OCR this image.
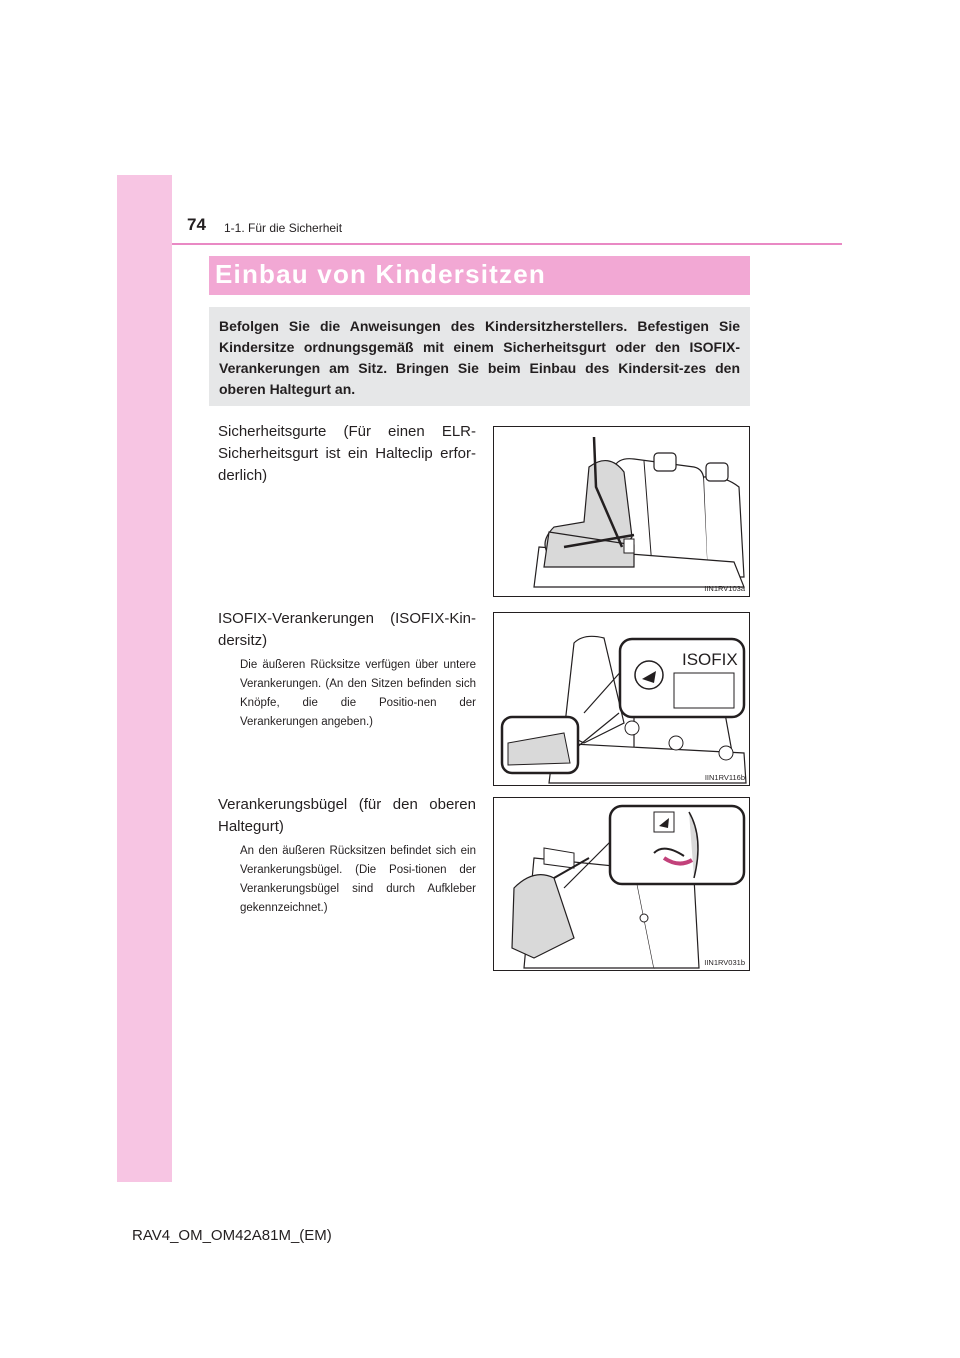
74 1-1. Für die Sicherheit
Einbau von Kindersitzen

Befolgen Sie die Anweisungen des Kindersitzherstellers. Befestigen Sie Kindersitze ordnungsgemäß mit einem Sicherheitsgurt oder den ISOFIX-Verankerungen am Sitz. Bringen Sie beim Einbau des Kindersit-zes den oberen Haltegurt an.

Sicherheitsgurte (Für einen ELR-Sicherheitsgurt ist ein Halteclip erfor-derlich)

IIN1RV103a

ISOFIX-Verankerungen (ISOFIX-Kin-dersitz)

Die äußeren Rücksitze verfügen über untere Verankerungen. (An den Sitzen befinden sich Knöpfe, die die Positio-nen der Verankerungen angeben.)

ISOFIX
IIN1RV116b

Verankerungsbügel (für den oberen Haltegurt)

An den äußeren Rücksitzen befindet sich ein Verankerungsbügel. (Die Posi-tionen der Verankerungsbügel sind durch Aufkleber gekennzeichnet.)

IIN1RV031b
RAV4_OM_OM42A81M_(EM)
